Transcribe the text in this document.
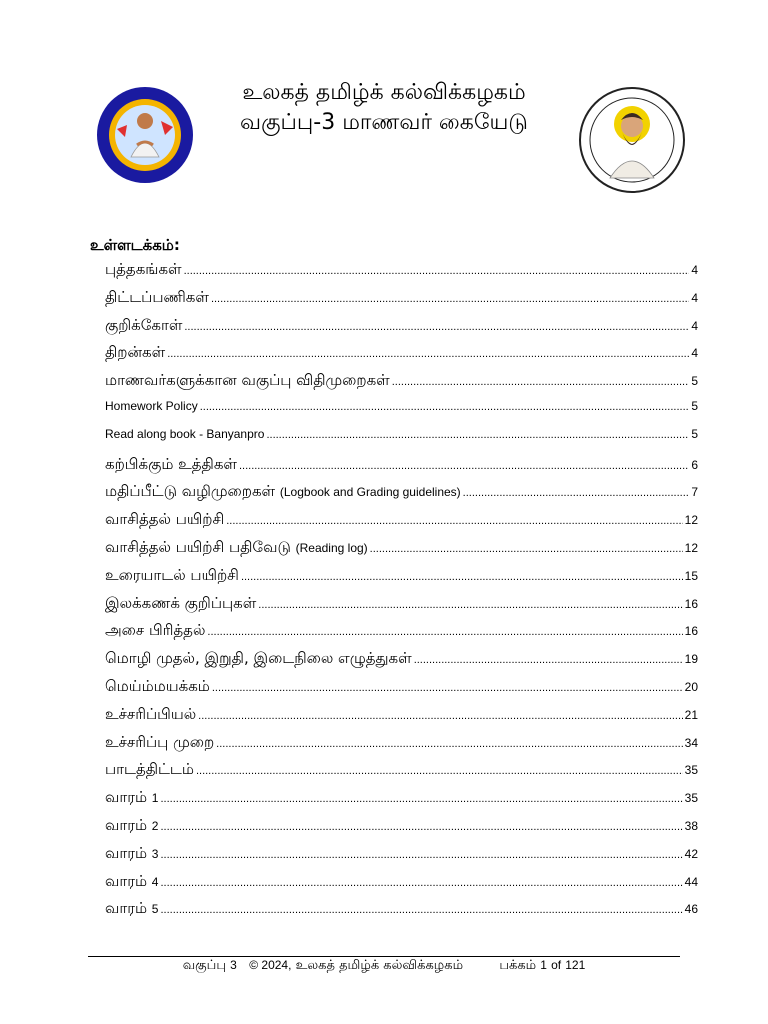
உலகத் தமிழ்க் கல்விக்கழகம்
வகுப்பு-3 மாணவர் கையேடு
உள்ளடக்கம்:
புத்தகங்கள் .....	4
திட்டப்பணிகள் .....	4
குறிக்கோள் .....	4
திறன்கள் .....	4
மாணவர்களுக்கான வகுப்பு விதிமுறைகள் .....	5
Homework Policy .....	5
Read along book - Banyanpro .....	5
கற்பிக்கும் உத்திகள் .....	6
மதிப்பீட்டு வழிமுறைகள் (Logbook and Grading guidelines) .....	7
வாசித்தல் பயிற்சி .....	12
வாசித்தல் பயிற்சி பதிவேடு (Reading log) .....	12
உரையாடல் பயிற்சி .....	15
இலக்கணக் குறிப்புகள் .....	16
அசை பிரித்தல் .....	16
மொழி முதல், இறுதி, இடைநிலை எழுத்துகள் .....	19
மெய்ம்மயக்கம் .....	20
உச்சரிப்பியல் .....	21
உச்சரிப்பு முறை .....	34
பாடத்திட்டம் .....	35
வாரம் 1 .....	35
வாரம் 2 .....	38
வாரம் 3 .....	42
வாரம் 4 .....	44
வாரம் 5 .....	46
வகுப்பு 3 © 2024, உலகத் தமிழ்க் கல்விக்கழகம்	பக்கம் 1 of 121
